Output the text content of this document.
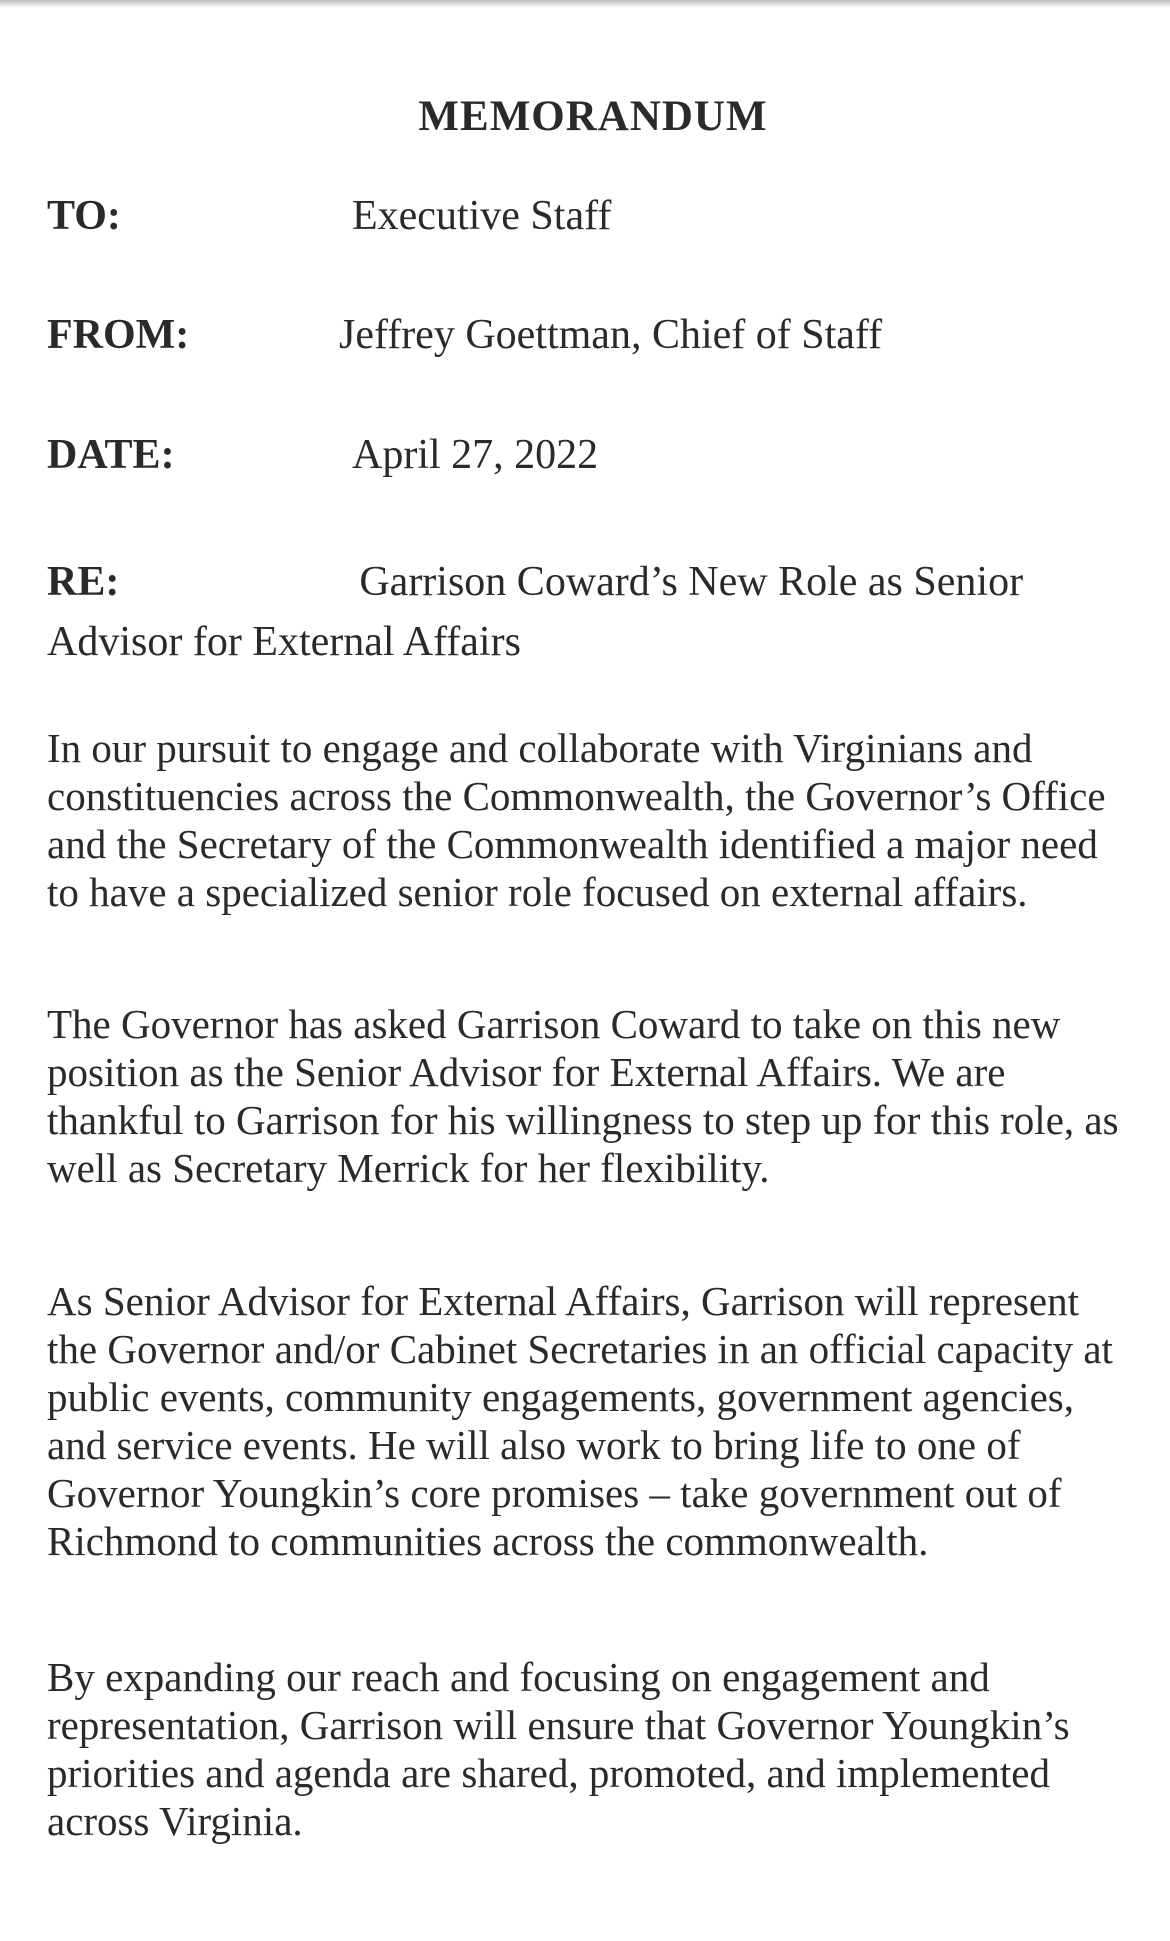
MEMORANDUM
TO:	Executive Staff
FROM:	Jeffrey Goettman, Chief of Staff
DATE:	April 27, 2022
RE:	Garrison Coward’s New Role as Senior Advisor for External Affairs

In our pursuit to engage and collaborate with Virginians and constituencies across the Commonwealth, the Governor’s Office and the Secretary of the Commonwealth identified a major need to have a specialized senior role focused on external affairs.

The Governor has asked Garrison Coward to take on this new position as the Senior Advisor for External Affairs. We are thankful to Garrison for his willingness to step up for this role, as well as Secretary Merrick for her flexibility.

As Senior Advisor for External Affairs, Garrison will represent the Governor and/or Cabinet Secretaries in an official capacity at public events, community engagements, government agencies, and service events. He will also work to bring life to one of Governor Youngkin’s core promises – take government out of Richmond to communities across the commonwealth.

By expanding our reach and focusing on engagement and representation, Garrison will ensure that Governor Youngkin’s priorities and agenda are shared, promoted, and implemented across Virginia.
